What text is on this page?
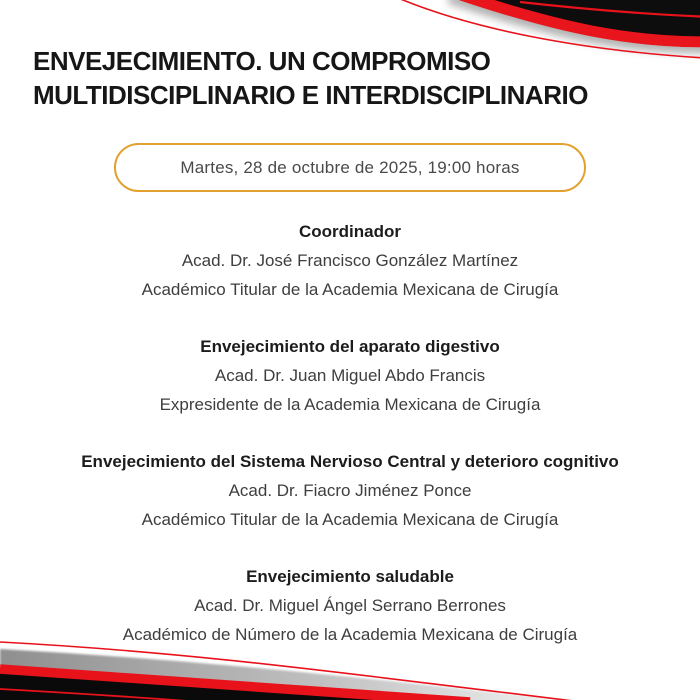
ENVEJECIMIENTO. UN COMPROMISO
MULTIDISCIPLINARIO E INTERDISCIPLINARIO
Martes, 28 de octubre de 2025, 19:00 horas
Coordinador
Acad. Dr. José Francisco González Martínez
Académico Titular de la Academia Mexicana de Cirugía
Envejecimiento del aparato digestivo
Acad. Dr. Juan Miguel Abdo Francis
Expresidente de la Academia Mexicana de Cirugía
Envejecimiento del Sistema Nervioso Central y deterioro cognitivo
Acad. Dr. Fiacro Jiménez Ponce
Académico Titular de la Academia Mexicana de Cirugía
Envejecimiento saludable
Acad. Dr. Miguel Ángel Serrano Berrones
Académico de Número de la Academia Mexicana de Cirugía
